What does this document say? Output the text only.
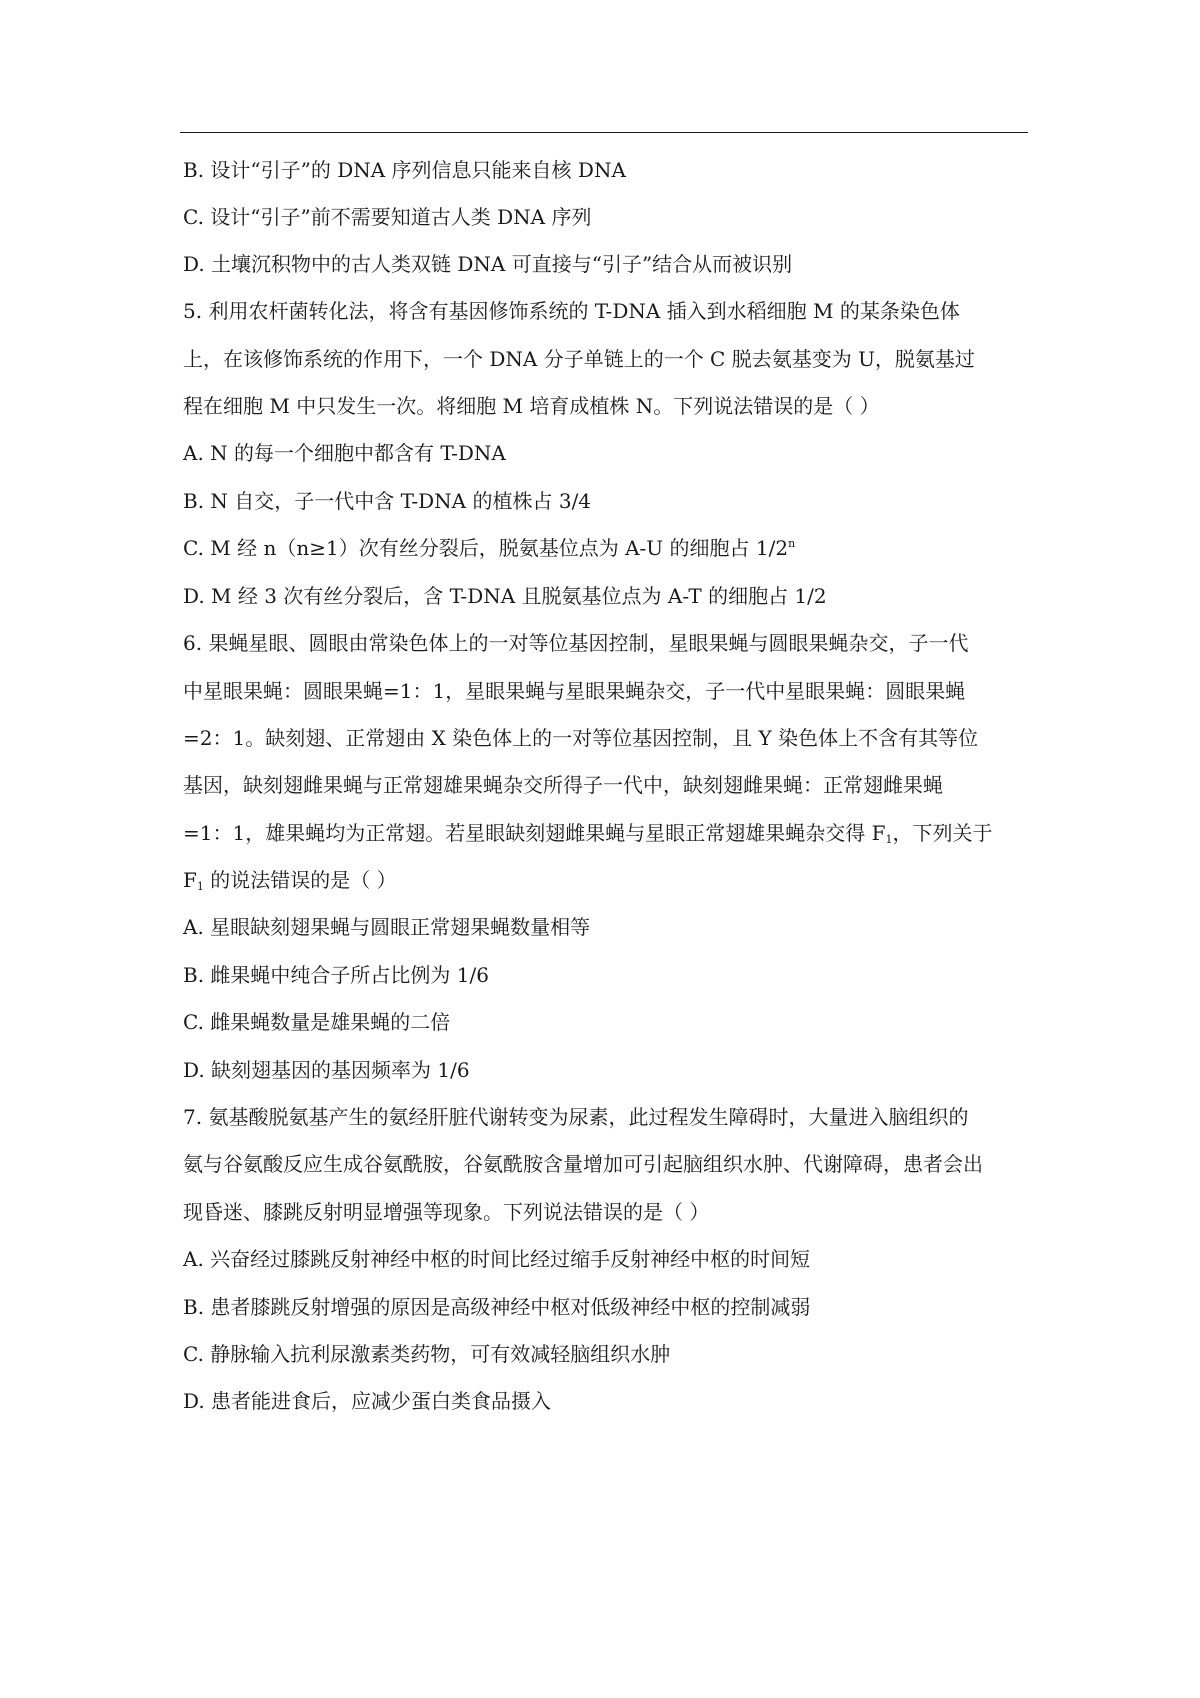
B. 设计“引子”的 DNA 序列信息只能来自核 DNA
C. 设计“引子”前不需要知道古人类 DNA 序列
D. 土壤沉积物中的古人类双链 DNA 可直接与“引子”结合从而被识别
5. 利用农杆菌转化法，将含有基因修饰系统的 T-DNA 插入到水稻细胞 M 的某条染色体
上，在该修饰系统的作用下，一个 DNA 分子单链上的一个 C 脱去氨基变为 U，脱氨基过
程在细胞 M 中只发生一次。将细胞 M 培育成植株 N。下列说法错误的是（ ）
A. N 的每一个细胞中都含有 T-DNA
B. N 自交，子一代中含 T-DNA 的植株占 3/4
C. M 经 n（n≥1）次有丝分裂后，脱氨基位点为 A-U 的细胞占 1/2$^n$
D. M 经 3 次有丝分裂后，含 T-DNA 且脱氨基位点为 A-T 的细胞占 1/2
6. 果蝇星眼、圆眼由常染色体上的一对等位基因控制，星眼果蝇与圆眼果蝇杂交，子一代
中星眼果蝇：圆眼果蝇=1：1，星眼果蝇与星眼果蝇杂交，子一代中星眼果蝇：圆眼果蝇
=2：1。缺刻翅、正常翅由 X 染色体上的一对等位基因控制，且 Y 染色体上不含有其等位
基因，缺刻翅雌果蝇与正常翅雄果蝇杂交所得子一代中，缺刻翅雌果蝇：正常翅雌果蝇
=1：1，雄果蝇均为正常翅。若星眼缺刻翅雌果蝇与星眼正常翅雄果蝇杂交得 $F_1$，下列关于
$F_1$ 的说法错误的是（ ）
A. 星眼缺刻翅果蝇与圆眼正常翅果蝇数量相等
B. 雌果蝇中纯合子所占比例为 1/6
C. 雌果蝇数量是雄果蝇的二倍
D. 缺刻翅基因的基因频率为 1/6
7. 氨基酸脱氨基产生的氨经肝脏代谢转变为尿素，此过程发生障碍时，大量进入脑组织的
氨与谷氨酸反应生成谷氨酰胺，谷氨酰胺含量增加可引起脑组织水肿、代谢障碍，患者会出
现昏迷、膝跳反射明显增强等现象。下列说法错误的是（ ）
A. 兴奋经过膝跳反射神经中枢的时间比经过缩手反射神经中枢的时间短
B. 患者膝跳反射增强的原因是高级神经中枢对低级神经中枢的控制减弱
C. 静脉输入抗利尿激素类药物，可有效减轻脑组织水肿
D. 患者能进食后，应减少蛋白类食品摄入
